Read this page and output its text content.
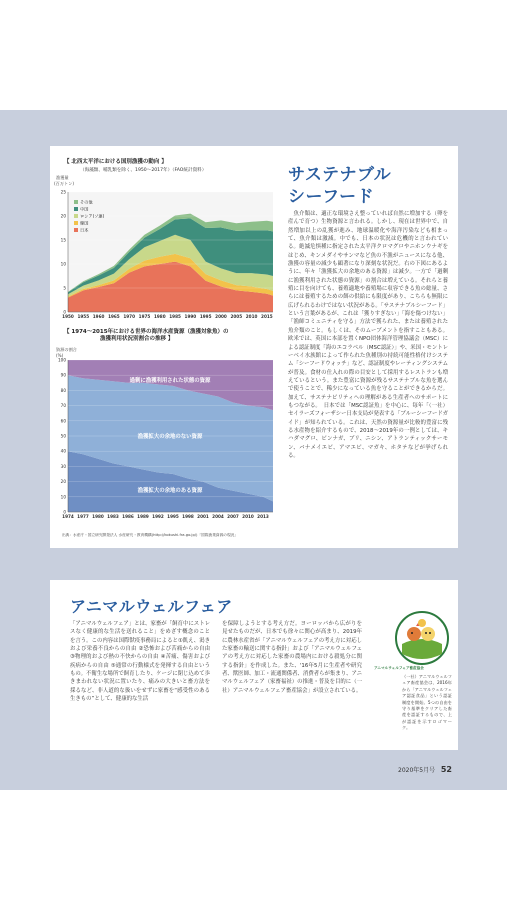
【 北西太平洋における国別漁獲の動向 】
（海藻類、哺乳類を除く、1950〜2017年）（FAO統計資料）
漁獲量
(百万トン)
0
5
10
15
20
25
1950 1955 1960 1965 1970 1975 1980 1985 1990 1995 2000 2005 2010 2015
その他
中国
ロシア(ソ連)
韓国
日本
【 1974〜2015年における世界の海洋水産資源（漁獲対象魚）の
漁獲利用状況別割合の推移 】
資源の割合
(%)
0
10
20
30
40
50
60
70
80
90
100
1974 1977 1980 1983 1986 1989 1992 1995 1998 2001 2004 2007 2010 2013
過剰に漁獲利用された状態の資源
漁獲拡大の余地のない資源
漁獲拡大の余地のある資源
出典：水産庁・国立研究開発法人 水産研究・教育機構(http://kokushi.fra.go.jp/)「国際漁業資源の現況」
サステナブル
シーフード
　魚介類は、適正な環境さえ整っていれば自然に増加する（卵を産んで育つ）生物資源と言われる。しかし、現在は世界中で、自然増加以上の乱獲が進み、地球温暖化や海洋汚染なども相まって、魚介類は激減。中でも、日本の状況は危機的と言われている。絶滅危惧種に指定された太平洋クロマグロやニホンウナギをはじめ、キンメダイやサンマなど魚の不漁がニュースになる他、漁獲の容量の減少も顕著になり深刻な状況だ。右の下図にあるように、年々「漁獲拡大の余地のある資源」は減少。一方で「過剰に漁獲利用された状態の資源」の割合は増えている。それらと養殖に目を向けても、養殖適地や養殖場に収容できる魚の総量、さらには養殖するための餌の供給にも限度があり、こちらも無限に広げられるわけではない状況がある。「サステナブルシーフード」という言葉があるが、これは「獲りすぎない」「海を傷つけない」「漁師コミュニティを守る」方法で獲られた、または養殖された魚介類のこと。もしくは、そのムーブメントを指すこともある。欧米では、英国に本部を置くNPO団体海洋管理協議会（MSC）による認証制度「海のエコラベル（MSC認証）」や、米国・モントレーベイ水族館によって作られた魚種別の持続可能性格付けシステム「シーフードウォッチ」など、認証制度やレーティングシステムが普及。食材の仕入れの際の目安として採用するレストランも増えているという。また豊富に資源が残るサステナブルな魚を選んで使うことで、稀少になっている魚を守ることができるからだ。加えて、サステナビリティへの理解がある生産者へのサポートにもつながる。　日本では「MSC認証魚」を中心に、毎年「（一社）セイラーズフォーザシー日本支局が発表する「ブルーシーフードガイド」が知られている。これは、天然の資源量が比較的豊富に残る水産物を紹介するもので、2018〜2019年の一例としては、キハダマグロ、ビンナガ、ブリ、ニシン、アトランティックサーモン、バナメイエビ、アマエビ、マガキ、ホタテなどが挙げられる。
アニマルウェルフェア
「アニマルウェルフェア」とは、家畜が「飼育中にストレスなく健康的な生活を送れること」をめざす概念のことを言う。この内容は国際獣疫事務局によると①飢え、渇きおよび栄養不良からの自由 ②恐怖および苦痛からの自由 ③物理的および熱の不快からの自由 ④苦痛、傷害および疾病からの自由 ⑤通常の行動様式を発揮する自由というもの。不衛生な場所で飼育したり、ケージに閉じ込めて歩きまわれない状況に置いたり、痛みの大きいと畜方法を採るなど、非人道的な扱いをせずに家畜を“感受性のある生きもの”として、健康的な生活
を保障しようとする考え方だ。ヨーロッパから広がりを見せたものだが、日本でも徐々に関心が高まり、2019年に農林水産省が「アニマルウェルフェアの考え方に対応した家畜の輸送に関する指針」および「アニマルウェルフェアの考え方に対応した家畜の農場内における殺処分に関する指針」を作成した。また、'16年5月に生産者や研究者、獣医師、加工・流通関係者、消費者らが集まり、アニマルウェルフェア（家畜福祉）の推進・普及を目的に（一社）アニマルウェルフェア畜産協会」が設立されている。
アニマルウェルフェア畜産協会
（一社）アニマルウェルフェア畜産協会は、2016年から「アニマルウェルフェア認証食品」という認証制度を開始。5つの自由を守り基準をクリアした畜産を認証するもので、上が認証を示すロゴマーク。
2020年5月号 52
